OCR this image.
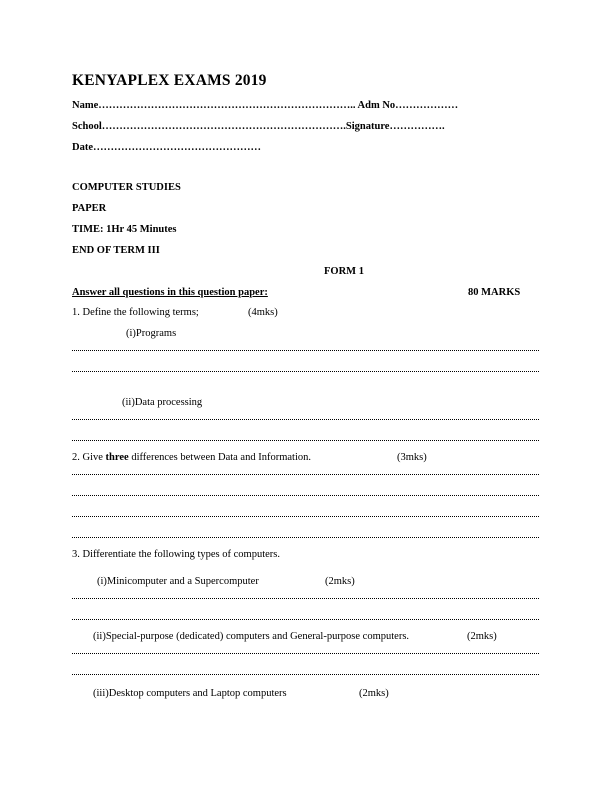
KENYAPLEX EXAMS 2019
Name……………………………………………………………….. Adm No………………
School…………………………………………………………….Signature…………….
Date…………………………………………
COMPUTER STUDIES
PAPER
TIME: 1Hr 45 Minutes
END OF TERM III
FORM 1
Answer all questions in this question paper:	80 MARKS
1. Define the following terms;	(4mks)
(i)Programs
(ii)Data processing
2. Give three differences between Data and Information.	(3mks)
3. Differentiate the following types of computers.
(i)Minicomputer and a Supercomputer	(2mks)
(ii)Special-purpose (dedicated) computers and General-purpose computers.	(2mks)
(iii)Desktop computers and Laptop computers	(2mks)
